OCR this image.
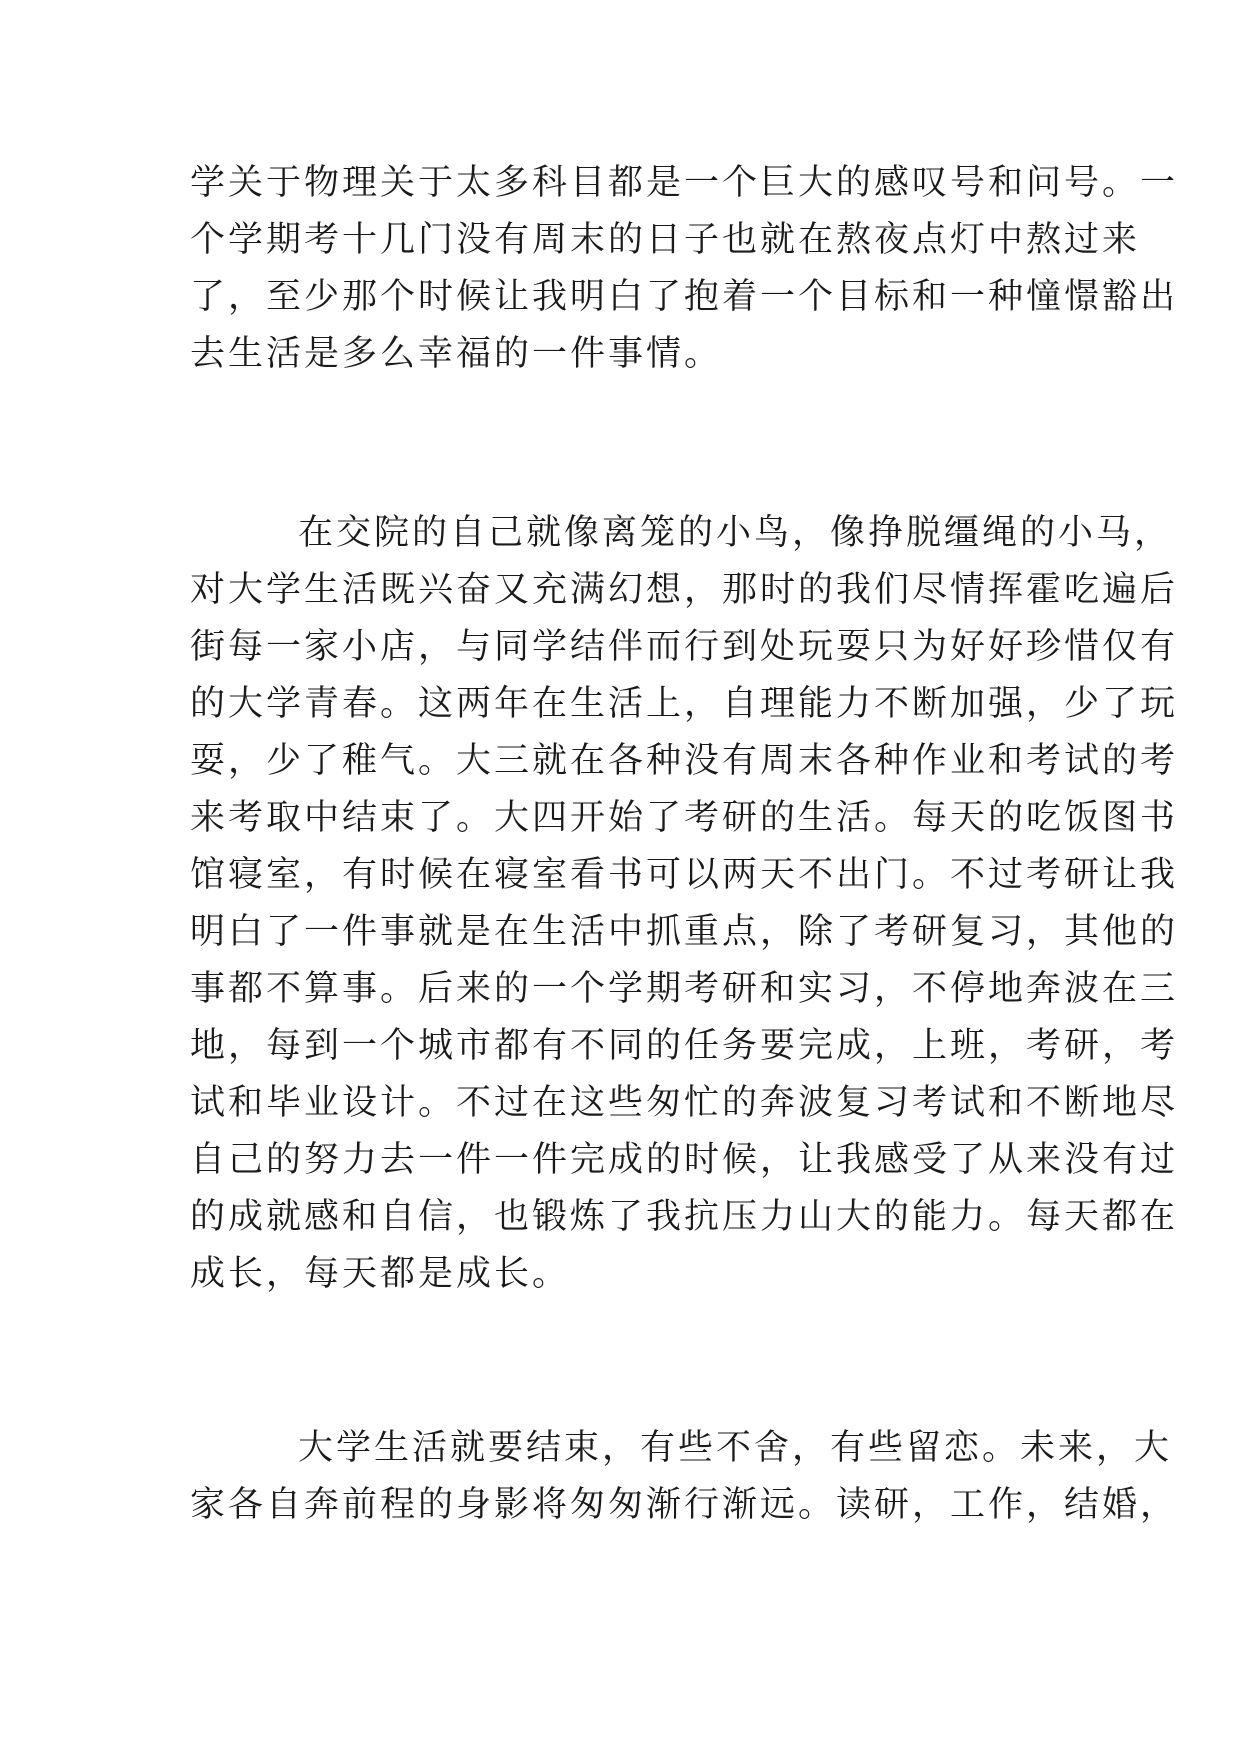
学关于物理关于太多科目都是一个巨大的感叹号和问号。一
个学期考十几门没有周末的日子也就在熬夜点灯中熬过来
了，至少那个时候让我明白了抱着一个目标和一种憧憬豁出
去生活是多么幸福的一件事情。
在交院的自己就像离笼的小鸟，像挣脱缰绳的小马，
对大学生活既兴奋又充满幻想，那时的我们尽情挥霍吃遍后
街每一家小店，与同学结伴而行到处玩耍只为好好珍惜仅有
的大学青春。这两年在生活上，自理能力不断加强，少了玩
耍，少了稚气。大三就在各种没有周末各种作业和考试的考
来考取中结束了。大四开始了考研的生活。每天的吃饭图书
馆寝室，有时候在寝室看书可以两天不出门。不过考研让我
明白了一件事就是在生活中抓重点，除了考研复习，其他的
事都不算事。后来的一个学期考研和实习，不停地奔波在三
地，每到一个城市都有不同的任务要完成，上班，考研，考
试和毕业设计。不过在这些匆忙的奔波复习考试和不断地尽
自己的努力去一件一件完成的时候，让我感受了从来没有过
的成就感和自信，也锻炼了我抗压力山大的能力。每天都在
成长，每天都是成长。
大学生活就要结束，有些不舍，有些留恋。未来，大
家各自奔前程的身影将匆匆渐行渐远。读研，工作，结婚，
